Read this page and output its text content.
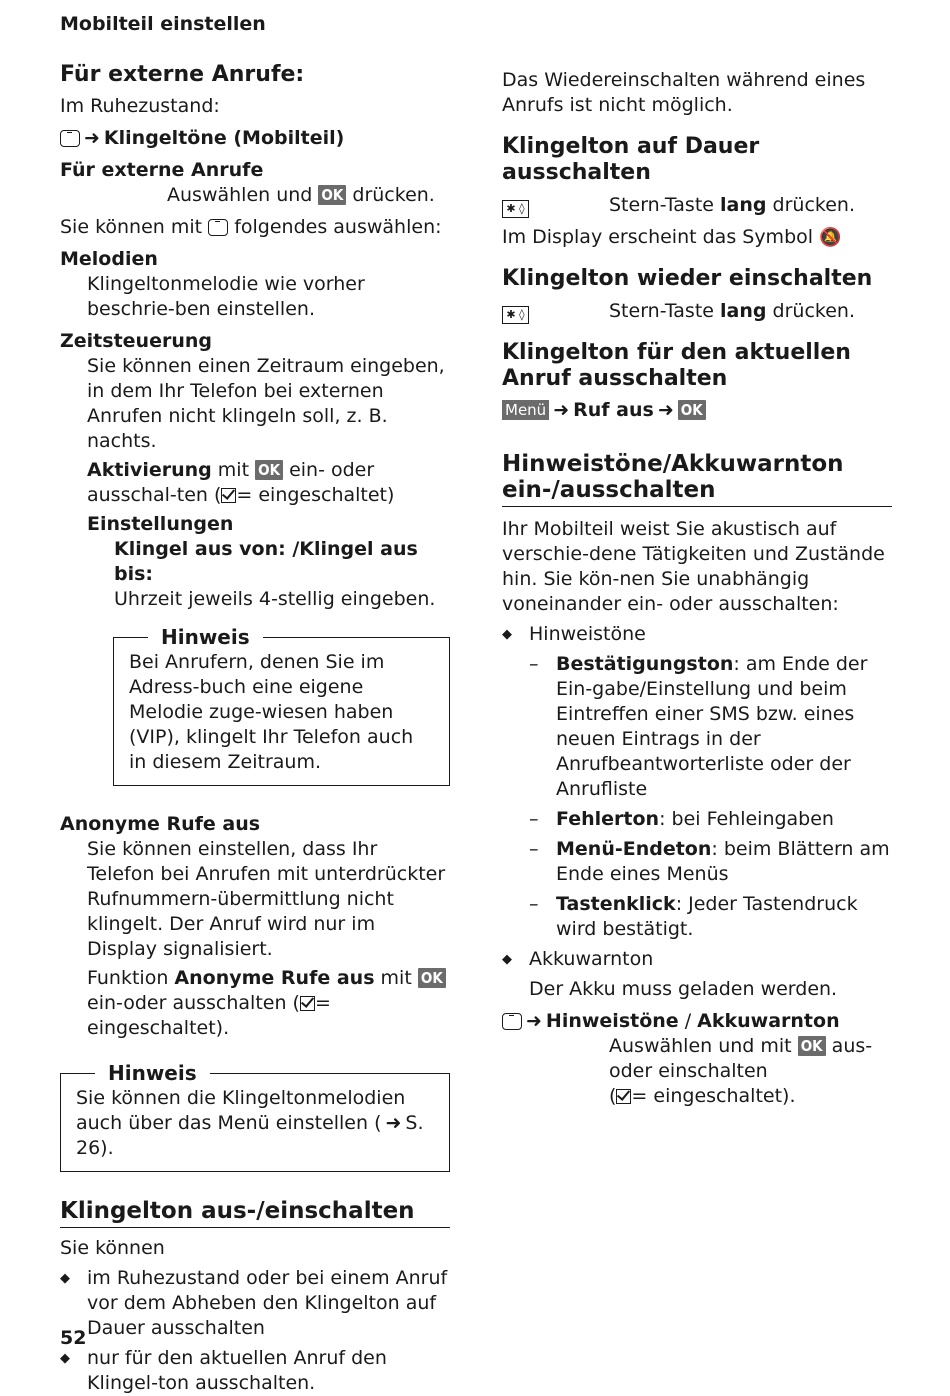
Mobilteil einstellen
Für externe Anrufe:
Im Ruhezustand:
➜ Klingeltöne (Mobilteil)
Für externe Anrufe
Auswählen und OK drücken.
Sie können mit folgendes auswählen:
Melodien
Klingeltonmelodie wie vorher beschrie-ben einstellen.
Zeitsteuerung
Sie können einen Zeitraum eingeben, in dem Ihr Telefon bei externen Anrufen nicht klingeln soll, z. B. nachts.
Aktivierung mit OK ein- oder ausschal-ten ( = eingeschaltet)
Einstellungen
Klingel aus von: /Klingel aus bis:
Uhrzeit jeweils 4-stellig eingeben.
Hinweis
Bei Anrufern, denen Sie im Adress-buch eine eigene Melodie zuge-wiesen haben (VIP), klingelt Ihr Telefon auch in diesem Zeitraum.
Anonyme Rufe aus
Sie können einstellen, dass Ihr Telefon bei Anrufen mit unterdrückter Rufnummern-übermittlung nicht klingelt. Der Anruf wird nur im Display signalisiert.
Funktion Anonyme Rufe aus mit OK ein-oder ausschalten ( = eingeschaltet).
Hinweis
Sie können die Klingeltonmelodien auch über das Menü einstellen ( ➜ S. 26).
Klingelton aus-/einschalten
Sie können
◆ im Ruhezustand oder bei einem Anruf vor dem Abheben den Klingelton auf Dauer ausschalten
◆ nur für den aktuellen Anruf den Klingel-ton ausschalten.
Das Wiedereinschalten während eines Anrufs ist nicht möglich.
Klingelton auf Dauer ausschalten
✱ ◊	Stern-Taste lang drücken.
Im Display erscheint das Symbol 🔕
Klingelton wieder einschalten
✱ ◊	Stern-Taste lang drücken.
Klingelton für den aktuellen Anruf ausschalten
Menü ➜ Ruf aus ➜ OK
Hinweistöne/Akkuwarnton ein-/ausschalten
Ihr Mobilteil weist Sie akustisch auf verschie-dene Tätigkeiten und Zustände hin. Sie kön-nen Sie unabhängig voneinander ein- oder ausschalten:
◆ Hinweistöne
– Bestätigungston: am Ende der Ein-gabe/Einstellung und beim Eintreffen einer SMS bzw. eines neuen Eintrags in der Anrufbeantworterliste oder der Anrufliste
– Fehlerton: bei Fehleingaben
– Menü-Endeton: beim Blättern am Ende eines Menüs
– Tastenklick: Jeder Tastendruck wird bestätigt.
◆ Akkuwarnton
Der Akku muss geladen werden.
➜ Hinweistöne / Akkuwarnton
Auswählen und mit OK aus-oder einschalten
( = eingeschaltet).
52
